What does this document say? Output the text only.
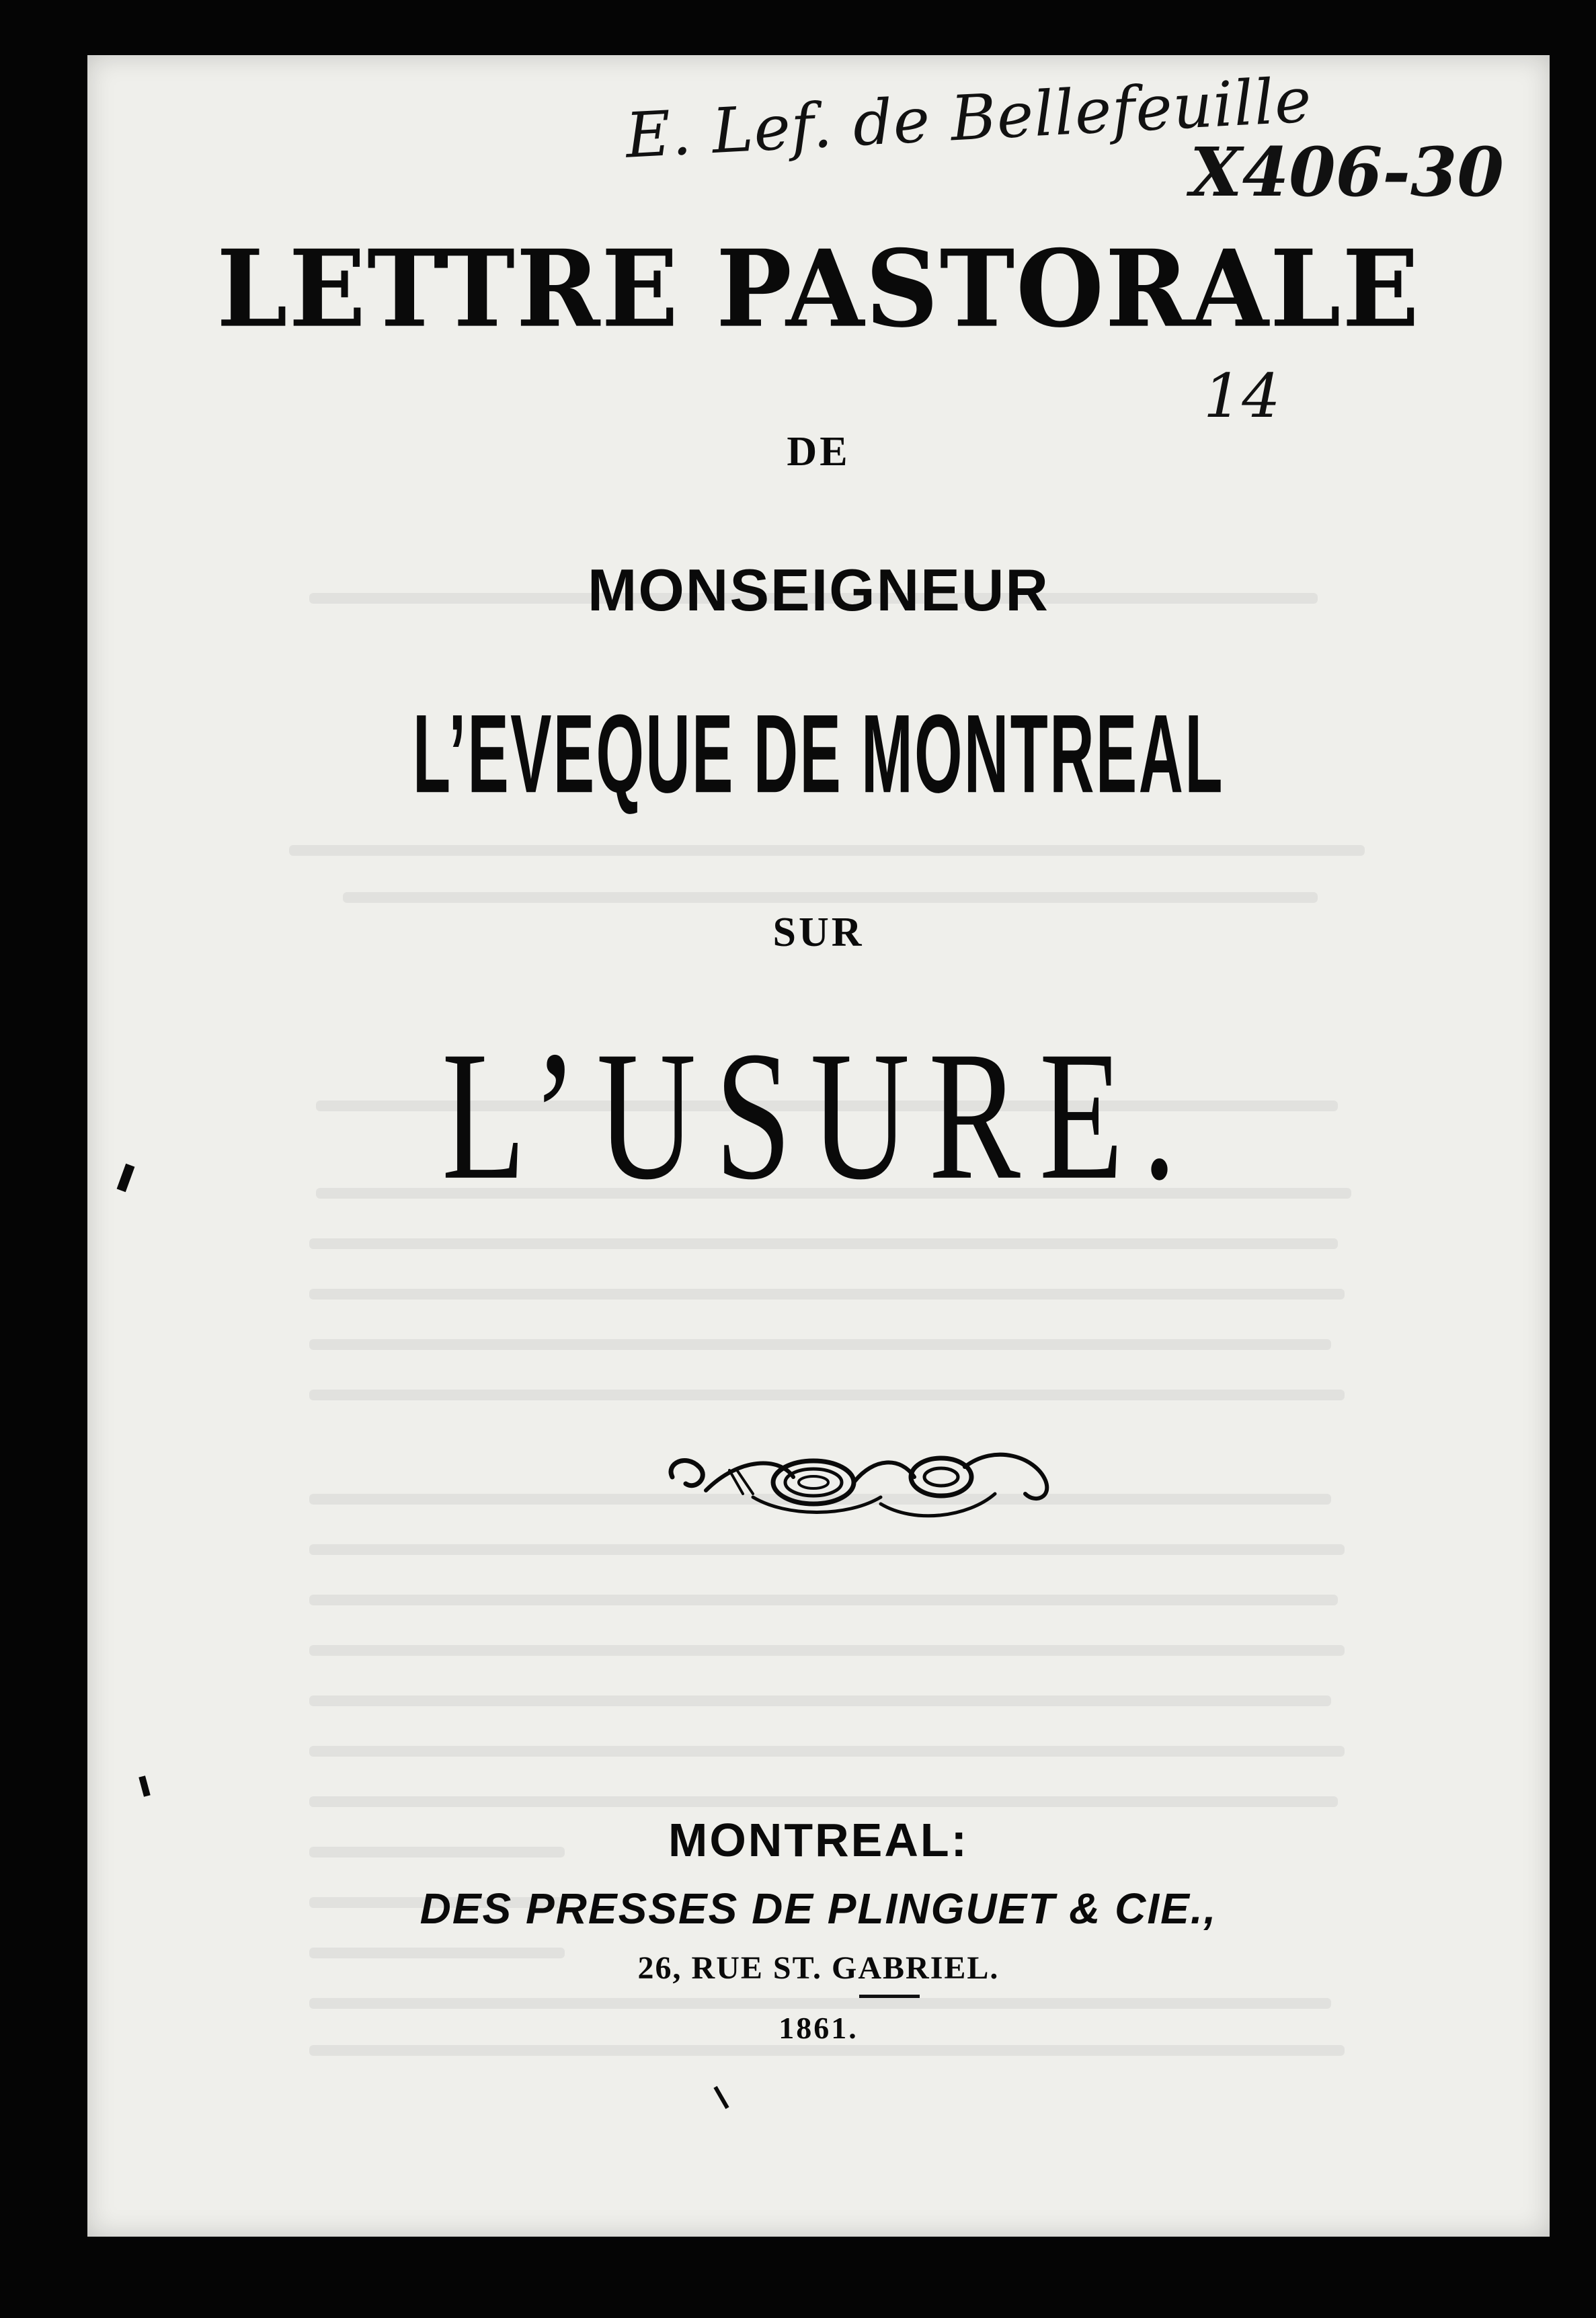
E. Lef. de Bellefeuille
X406-30
14
LETTRE PASTORALE
DE
MONSEIGNEUR
L’EVEQUE DE MONTREAL
SUR
L’USURE.
MONTREAL:
DES PRESSES DE PLINGUET & CIE.,
26, RUE ST. GABRIEL.
1861.
